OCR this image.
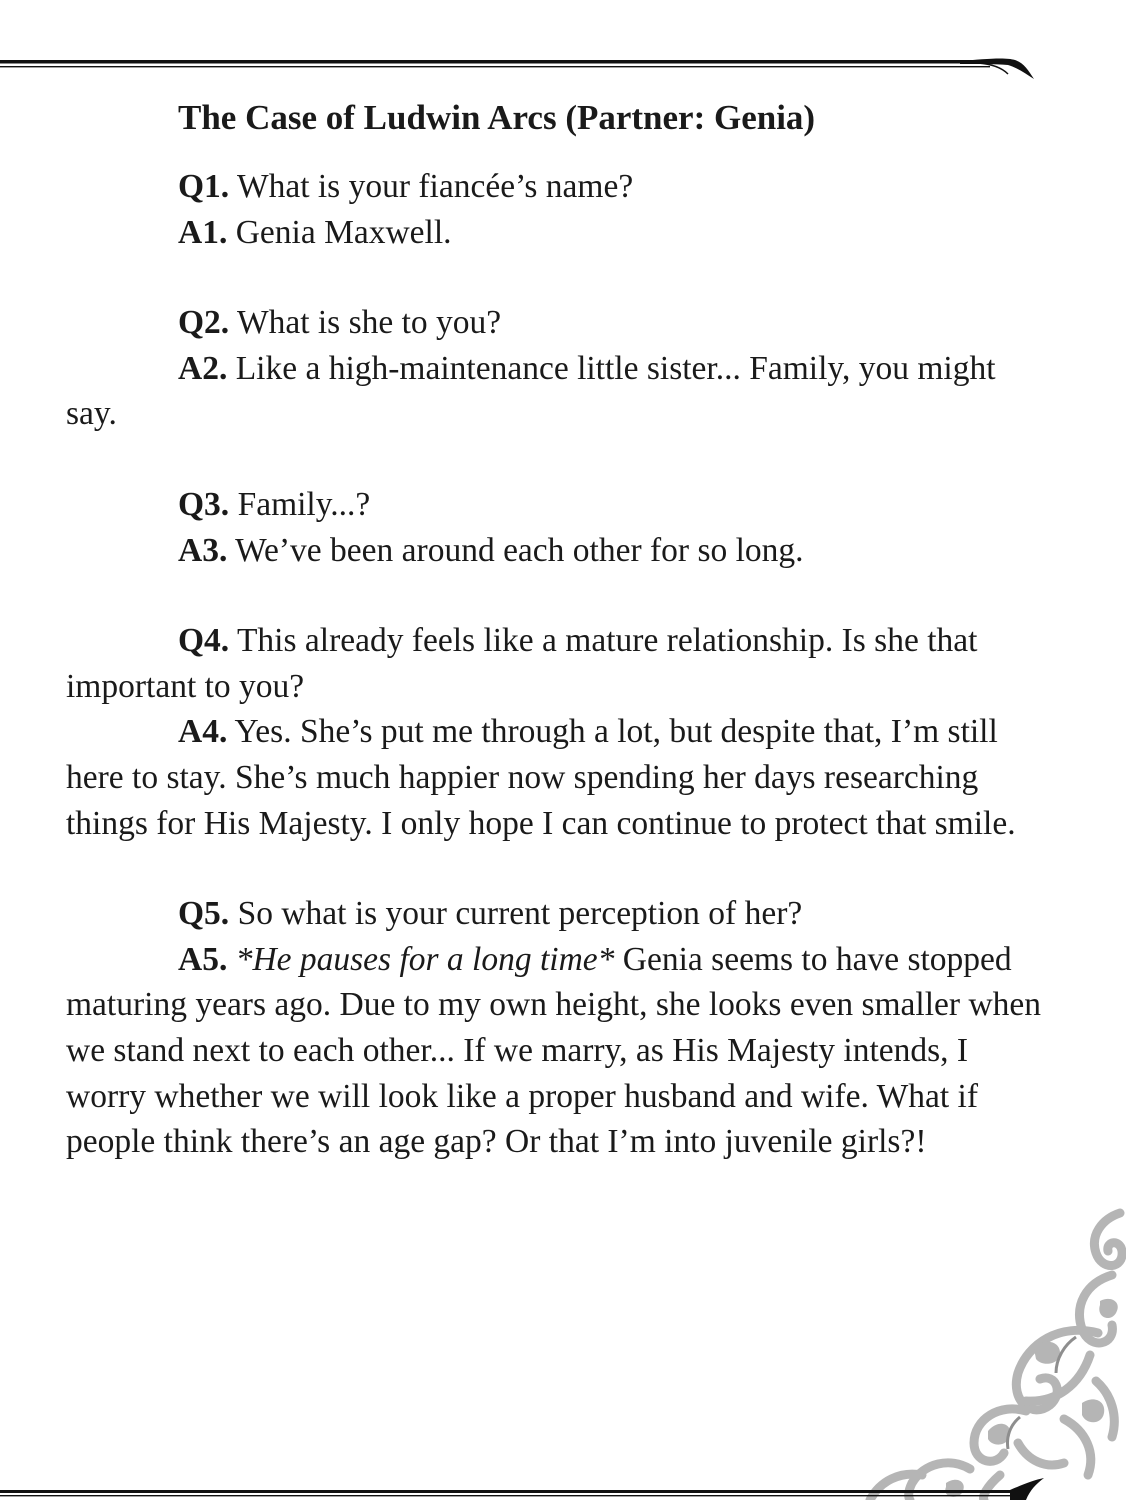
The Case of Ludwin Arcs (Partner: Genia)

Q1. What is your fiancée’s name?

A1. Genia Maxwell.

Q2. What is she to you?

A2. Like a high-maintenance little sister... Family, you might say.

Q3. Family...?

A3. We’ve been around each other for so long.

Q4. This already feels like a mature relationship. Is she that important to you?

A4. Yes. She’s put me through a lot, but despite that, I’m still here to stay. She’s much happier now spending her days researching things for His Majesty. I only hope I can continue to protect that smile.

Q5. So what is your current perception of her?

A5. *He pauses for a long time* Genia seems to have stopped maturing years ago. Due to my own height, she looks even smaller when we stand next to each other... If we marry, as His Majesty intends, I worry whether we will look like a proper husband and wife. What if people think there’s an age gap? Or that I’m into juvenile girls?!
